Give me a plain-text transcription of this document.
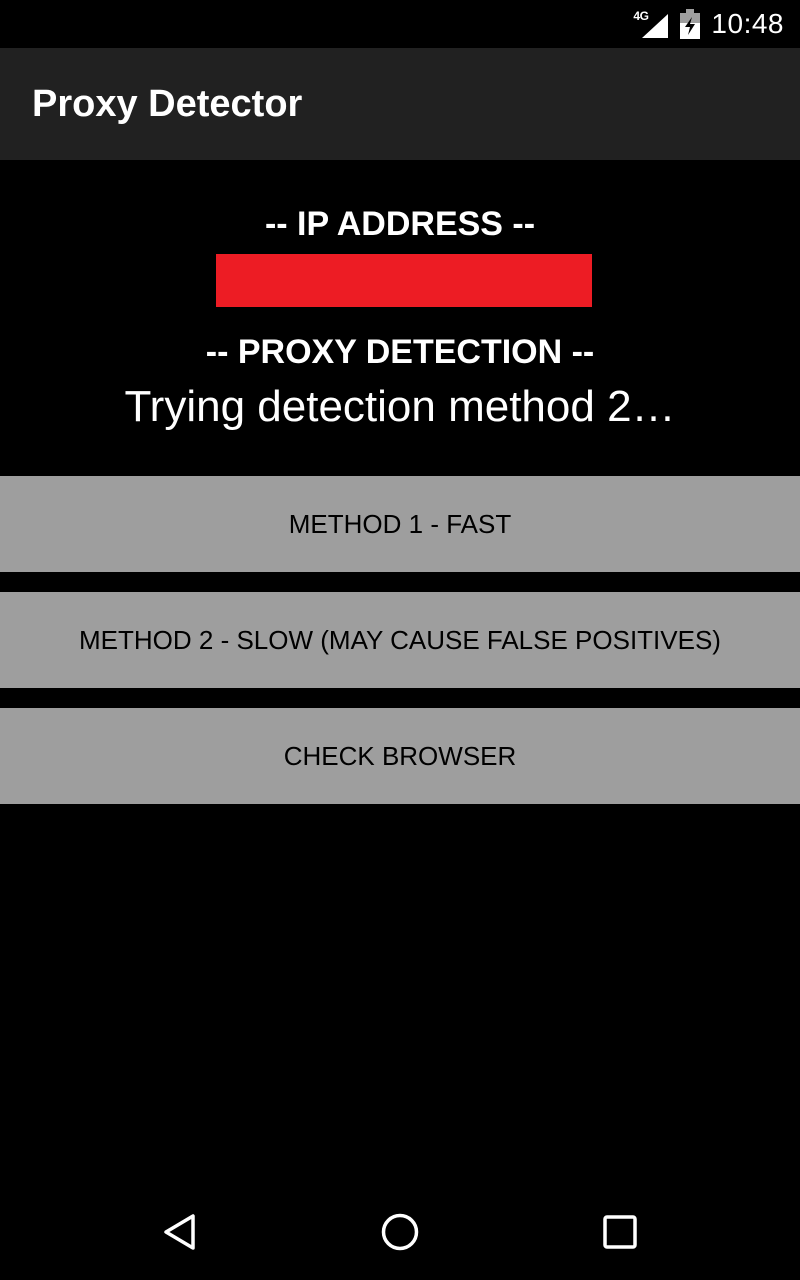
4G 10:48
Proxy Detector
-- IP ADDRESS --
-- PROXY DETECTION --
Trying detection method 2…
METHOD 1 - FAST
METHOD 2 - SLOW (MAY CAUSE FALSE POSITIVES)
CHECK BROWSER
